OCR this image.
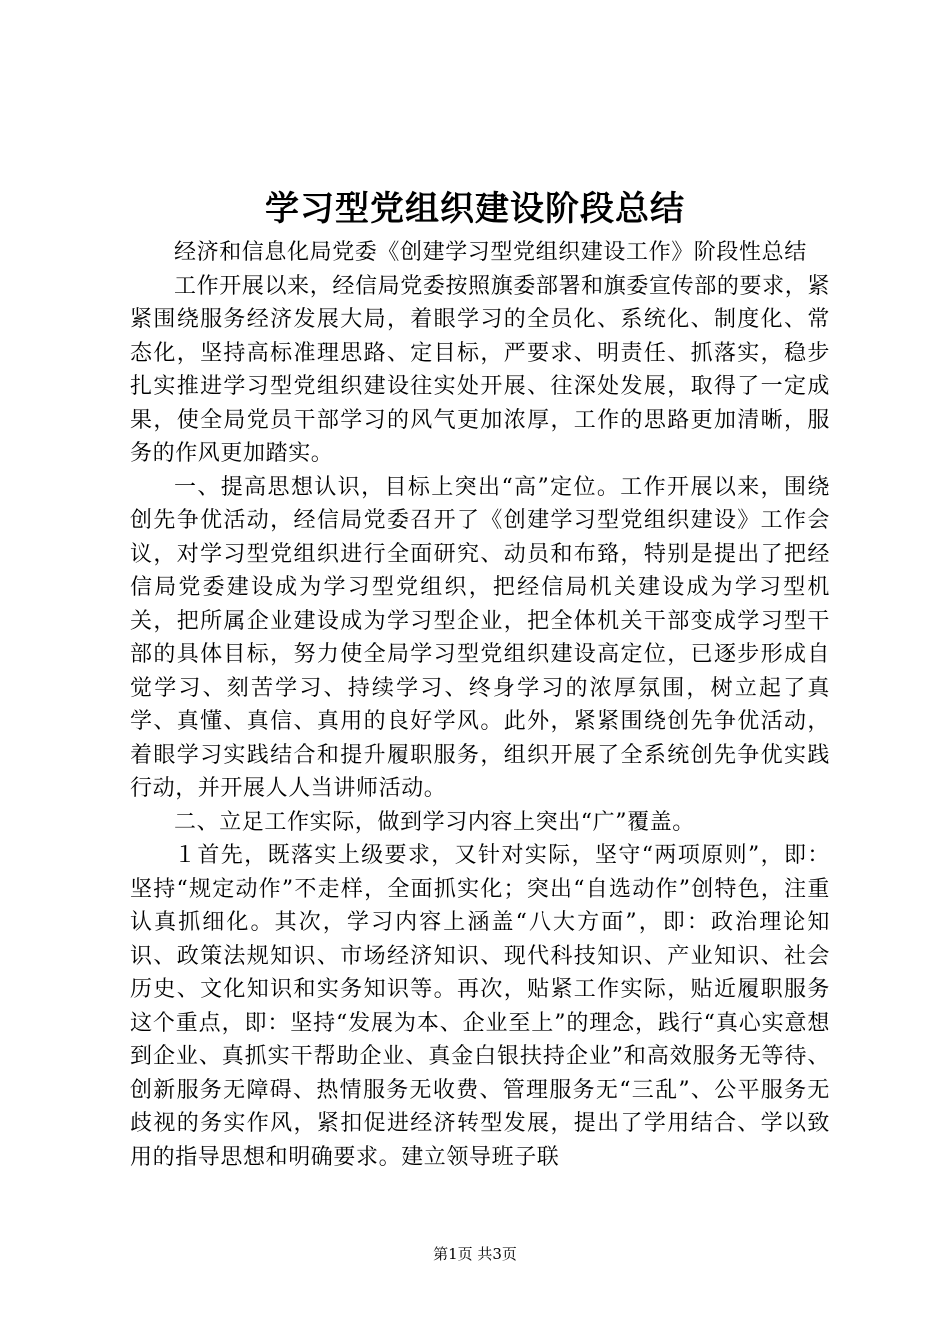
学习型党组织建设阶段总结

经济和信息化局党委《创建学习型党组织建设工作》阶段性总结

工作开展以来，经信局党委按照旗委部署和旗委宣传部的要求，紧紧围绕服务经济发展大局，着眼学习的全员化、系统化、制度化、常态化，坚持高标准理思路、定目标，严要求、明责任、抓落实，稳步扎实推进学习型党组织建设往实处开展、往深处发展，取得了一定成果，使全局党员干部学习的风气更加浓厚，工作的思路更加清晰，服务的作风更加踏实。

一、提高思想认识，目标上突出“高”定位。工作开展以来，围绕创先争优活动，经信局党委召开了《创建学习型党组织建设》工作会议，对学习型党组织进行全面研究、动员和布臵，特别是提出了把经信局党委建设成为学习型党组织，把经信局机关建设成为学习型机关，把所属企业建设成为学习型企业，把全体机关干部变成学习型干部的具体目标，努力使全局学习型党组织建设高定位，已逐步形成自觉学习、刻苦学习、持续学习、终身学习的浓厚氛围，树立起了真学、真懂、真信、真用的良好学风。此外，紧紧围绕创先争优活动，着眼学习实践结合和提升履职服务，组织开展了全系统创先争优实践行动，并开展人人当讲师活动。

二、立足工作实际，做到学习内容上突出“广”覆盖。

１首先，既落实上级要求，又针对实际，坚守“两项原则”，即：坚持“规定动作”不走样，全面抓实化；突出“自选动作”创特色，注重认真抓细化。其次，学习内容上涵盖“八大方面”，即：政治理论知识、政策法规知识、市场经济知识、现代科技知识、产业知识、社会历史、文化知识和实务知识等。再次，贴紧工作实际，贴近履职服务这个重点，即：坚持“发展为本、企业至上”的理念，践行“真心实意想到企业、真抓实干帮助企业、真金白银扶持企业”和高效服务无等待、创新服务无障碍、热情服务无收费、管理服务无“三乱”、公平服务无歧视的务实作风，紧扣促进经济转型发展，提出了学用结合、学以致用的指导思想和明确要求。建立领导班子联

第1页 共3页
